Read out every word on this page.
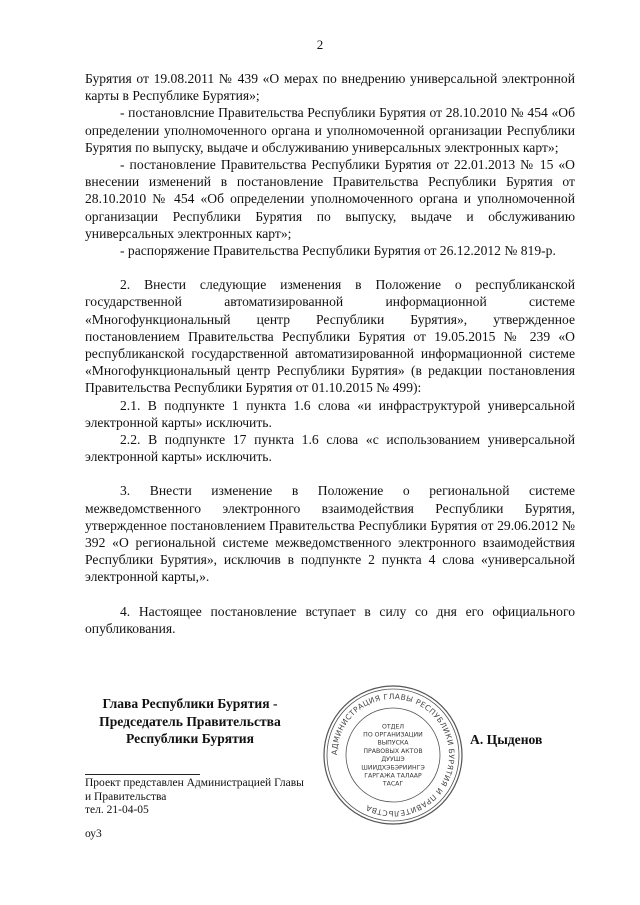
2

Бурятия от 19.08.2011 № 439 «О мерах по внедрению универсальной электронной карты в Республике Бурятия»;

- постановлсние Правительства Республики Бурятия от 28.10.2010 № 454 «Об определении уполномоченного органа и уполномоченной организации Республики Бурятия по выпуску, выдаче и обслуживанию универсальных электронных карт»;

- постановление Правительства Республики Бурятия от 22.01.2013 № 15 «О внесении изменений в постановление Правительства Республики Бурятия от 28.10.2010 № 454 «Об определении уполномоченного органа и уполномоченной организации Республики Бурятия по выпуску, выдаче и обслуживанию универсальных электронных карт»;

- распоряжение Правительства Республики Бурятия от 26.12.2012 № 819-р.

2. Внести следующие изменения в Положение о республиканской государственной автоматизированной информационной системе «Многофункциональный центр Республики Бурятия», утвержденное постановлением Правительства Республики Бурятия от 19.05.2015 № 239 «О республиканской государственной автоматизированной информационной системе «Многофункциональный центр Республики Бурятия» (в редакции постановления Правительства Республики Бурятия от 01.10.2015 № 499):

2.1. В подпункте 1 пункта 1.6 слова «и инфраструктурой универсальной электронной карты» исключить.

2.2. В подпункте 17 пункта 1.6 слова «с использованием универсальной электронной карты» исключить.

3. Внести изменение в Положение о региональной системе межведомственного электронного взаимодействия Республики Бурятия, утвержденное постановлением Правительства Республики Бурятия от 29.06.2012 № 392 «О региональной системе межведомственного электронного взаимодействия Республики Бурятия», исключив в подпункте 2 пункта 4 слова «универсальной электронной карты,».

4. Настоящее постановление вступает в силу со дня его официального опубликования.

Глава Республики Бурятия -
Председатель Правительства
Республики Бурятия
АДМИНИСТРАЦИЯ ГЛАВЫ РЕСПУБЛИКИ БУРЯТИЯ И ПРАВИТЕЛЬСТВА
ОТДЕЛ
ПО ОРГАНИЗАЦИИ
ВЫПУСКА
ПРАВОВЫХ АКТОВ
ДУУШЭ
ШИИДХЭБЭРИИНГЭ
ГАРГАЖА ТАЛААР
ТАСАГ
А. Цыденов
Проект представлен Администрацией Главы
и Правительства
тел. 21-04-05
оу3
